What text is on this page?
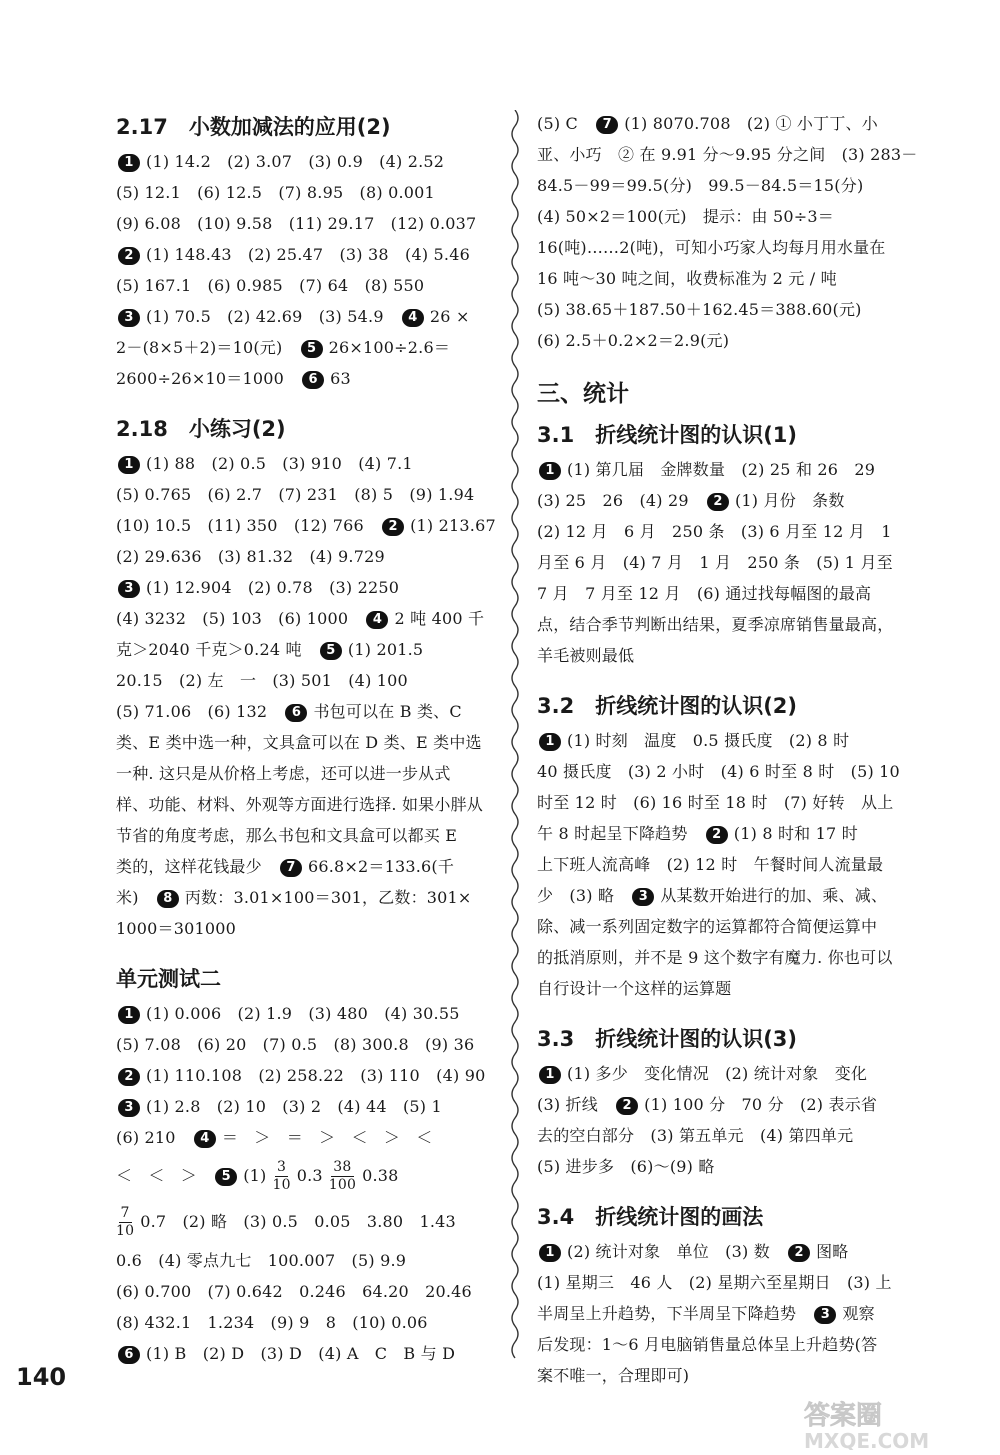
2.17　小数加减法的应用(2)
1 (1) 14.2　(2) 3.07　(3) 0.9　(4) 2.52
(5) 12.1　(6) 12.5　(7) 8.95　(8) 0.001
(9) 6.08　(10) 9.58　(11) 29.17　(12) 0.037
2 (1) 148.43　(2) 25.47　(3) 38　(4) 5.46
(5) 167.1　(6) 0.985　(7) 64　(8) 550
3 (1) 70.5　(2) 42.69　(3) 54.9　 4 26 ×
2－(8×5＋2)＝10(元)　 5 26×100÷2.6＝
2600÷26×10＝1000　 6 63
2.18　小练习(2)
1 (1) 88　(2) 0.5　(3) 910　(4) 7.1
(5) 0.765　(6) 2.7　(7) 231　(8) 5　(9) 1.94
(10) 10.5　(11) 350　(12) 766　 2 (1) 213.67
(2) 29.636　(3) 81.32　(4) 9.729
3 (1) 12.904　(2) 0.78　(3) 2250
(4) 3232　(5) 103　(6) 1000　 4 2 吨 400 千
克＞2040 千克＞0.24 吨　 5 (1) 201.5
20.15　(2) 左　一　(3) 501　(4) 100
(5) 71.06　(6) 132　 6 书包可以在 B 类、C
类、E 类中选一种，文具盒可以在 D 类、E 类中选
一种. 这只是从价格上考虑，还可以进一步从式
样、功能、材料、外观等方面进行选择. 如果小胖从
节省的角度考虑，那么书包和文具盒可以都买 E
类的，这样花钱最少　 7 66.8×2＝133.6(千
米)　 8 丙数：3.01×100＝301，乙数：301×
1000＝301000
单元测试二
1 (1) 0.006　(2) 1.9　(3) 480　(4) 30.55
(5) 7.08　(6) 20　(7) 0.5　(8) 300.8　(9) 36
2 (1) 110.108　(2) 258.22　(3) 110　(4) 90
3 (1) 2.8　(2) 10　(3) 2　(4) 44　(5) 1
(6) 210　 4 ＝　＞　＝　＞　＜　＞　＜
＜　＜　＞　 5 $(1) \frac{3}{10} 0.3 \frac{38}{100} 0.38$
$\frac{7}{10} 0.7$　(2) 略　(3) 0.5　0.05　3.80　1.43
0.6　(4) 零点九七　100.007　(5) 9.9
(6) 0.700　(7) 0.642　0.246　64.20　20.46
(8) 432.1　1.234　(9) 9　8　(10) 0.06
6 (1) B　(2) D　(3) D　(4) A　C　B 与 D
(5) C　 7 (1) 8070.708　(2) ① 小丁丁、小
亚、小巧　② 在 9.91 分～9.95 分之间　(3) 283－
84.5－99＝99.5(分)　99.5－84.5＝15(分)
(4) 50×2＝100(元)　提示：由 50÷3＝
16(吨)……2(吨)，可知小巧家人均每月用水量在
16 吨～30 吨之间，收费标准为 2 元 / 吨
(5) 38.65＋187.50＋162.45＝388.60(元)
(6) 2.5＋0.2×2＝2.9(元)
三、统计
3.1　折线统计图的认识(1)
1 (1) 第几届　金牌数量　(2) 25 和 26　29
(3) 25　26　(4) 29　 2 (1) 月份　条数
(2) 12 月　6 月　250 条　(3) 6 月至 12 月　1
月至 6 月　(4) 7 月　1 月　250 条　(5) 1 月至
7 月　7 月至 12 月　(6) 通过找每幅图的最高
点，结合季节判断出结果，夏季凉席销售量最高，
羊毛被则最低
3.2　折线统计图的认识(2)
1 (1) 时刻　温度　0.5 摄氏度　(2) 8 时
40 摄氏度　(3) 2 小时　(4) 6 时至 8 时　(5) 10
时至 12 时　(6) 16 时至 18 时　(7) 好转　从上
午 8 时起呈下降趋势　 2 (1) 8 时和 17 时
上下班人流高峰　(2) 12 时　午餐时间人流量最
少　(3) 略　 3 从某数开始进行的加、乘、减、
除、减一系列固定数字的运算都符合简便运算中
的抵消原则，并不是 9 这个数字有魔力. 你也可以
自行设计一个这样的运算题
3.3　折线统计图的认识(3)
1 (1) 多少　变化情况　(2) 统计对象　变化
(3) 折线　 2 (1) 100 分　70 分　(2) 表示省
去的空白部分　(3) 第五单元　(4) 第四单元
(5) 进步多　(6)～(9) 略
3.4　折线统计图的画法
1 (2) 统计对象　单位　(3) 数　 2 图略
(1) 星期三　46 人　(2) 星期六至星期日　(3) 上
半周呈上升趋势，下半周呈下降趋势　 3 观察
后发现：1～6 月电脑销售量总体呈上升趋势(答
案不唯一，合理即可)
140
答案圈
MXQE.COM
